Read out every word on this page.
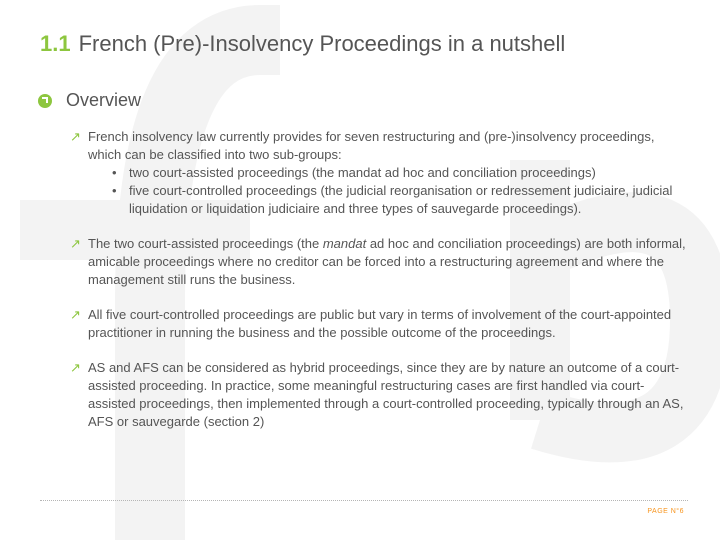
1.1 French (Pre)-Insolvency Proceedings in a nutshell
Overview
↗ French insolvency law currently provides for seven restructuring and (pre-)insolvency proceedings, which can be classified into two sub-groups:
• two court-assisted proceedings (the mandat ad hoc and conciliation proceedings)
• five court-controlled proceedings (the judicial reorganisation or redressement judiciaire, judicial liquidation or liquidation judiciaire and three types of sauvegarde proceedings).
↗ The two court-assisted proceedings (the mandat ad hoc and conciliation proceedings) are both informal, amicable proceedings where no creditor can be forced into a restructuring agreement and where the management still runs the business.
↗ All five court-controlled proceedings are public but vary in terms of involvement of the court-appointed practitioner in running the business and the possible outcome of the proceedings.
↗ AS and AFS can be considered as hybrid proceedings, since they are by nature an outcome of a court-assisted proceeding. In practice, some meaningful restructuring cases are first handled via court-assisted proceedings, then implemented through a court-controlled proceeding, typically through an AS, AFS or sauvegarde (section 2)
PAGE N°6
